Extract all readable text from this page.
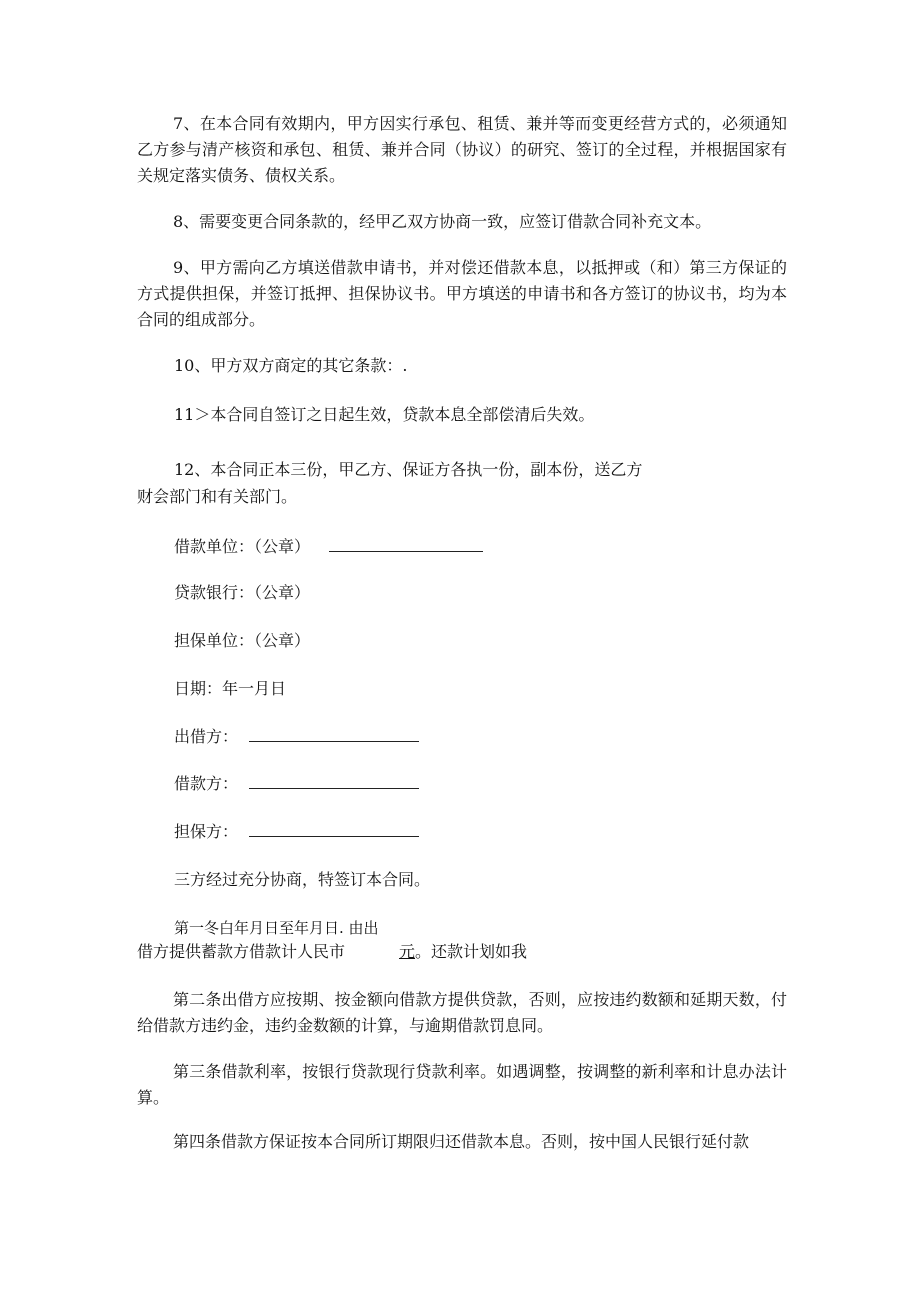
7、在本合同有效期内，甲方因实行承包、租赁、兼并等而变更经营方式的，必须通知乙方参与清产核资和承包、租赁、兼并合同（协议）的研究、签订的全过程，并根据国家有关规定落实债务、债权关系。

8、需要变更合同条款的，经甲乙双方协商一致，应签订借款合同补充文本。

9、甲方需向乙方填送借款申请书，并对偿还借款本息，以抵押或（和）第三方保证的方式提供担保，并签订抵押、担保协议书。甲方填送的申请书和各方签订的协议书，均为本合同的组成部分。

10、甲方双方商定的其它条款：.

11＞本合同自签订之日起生效，贷款本息全部偿清后失效。

12、本合同正本三份，甲乙方、保证方各执一份，副本份，送乙方

财会部门和有关部门。

借款单位：（公章）

贷款银行：（公章）

担保单位：（公章）

日期：年一月日

出借方：
借款方：
担保方：

三方经过充分协商，特签订本合同。

第一冬白年月日至年月日. 由出

借方提供蓄款方借款计人民市	元。还款计划如我

第二条出借方应按期、按金额向借款方提供贷款，否则，应按违约数额和延期天数，付给借款方违约金，违约金数额的计算，与逾期借款罚息同。

第三条借款利率，按银行贷款现行贷款利率。如遇调整，按调整的新利率和计息办法计算。

第四条借款方保证按本合同所订期限归还借款本息。否则，按中国人民银行延付款
